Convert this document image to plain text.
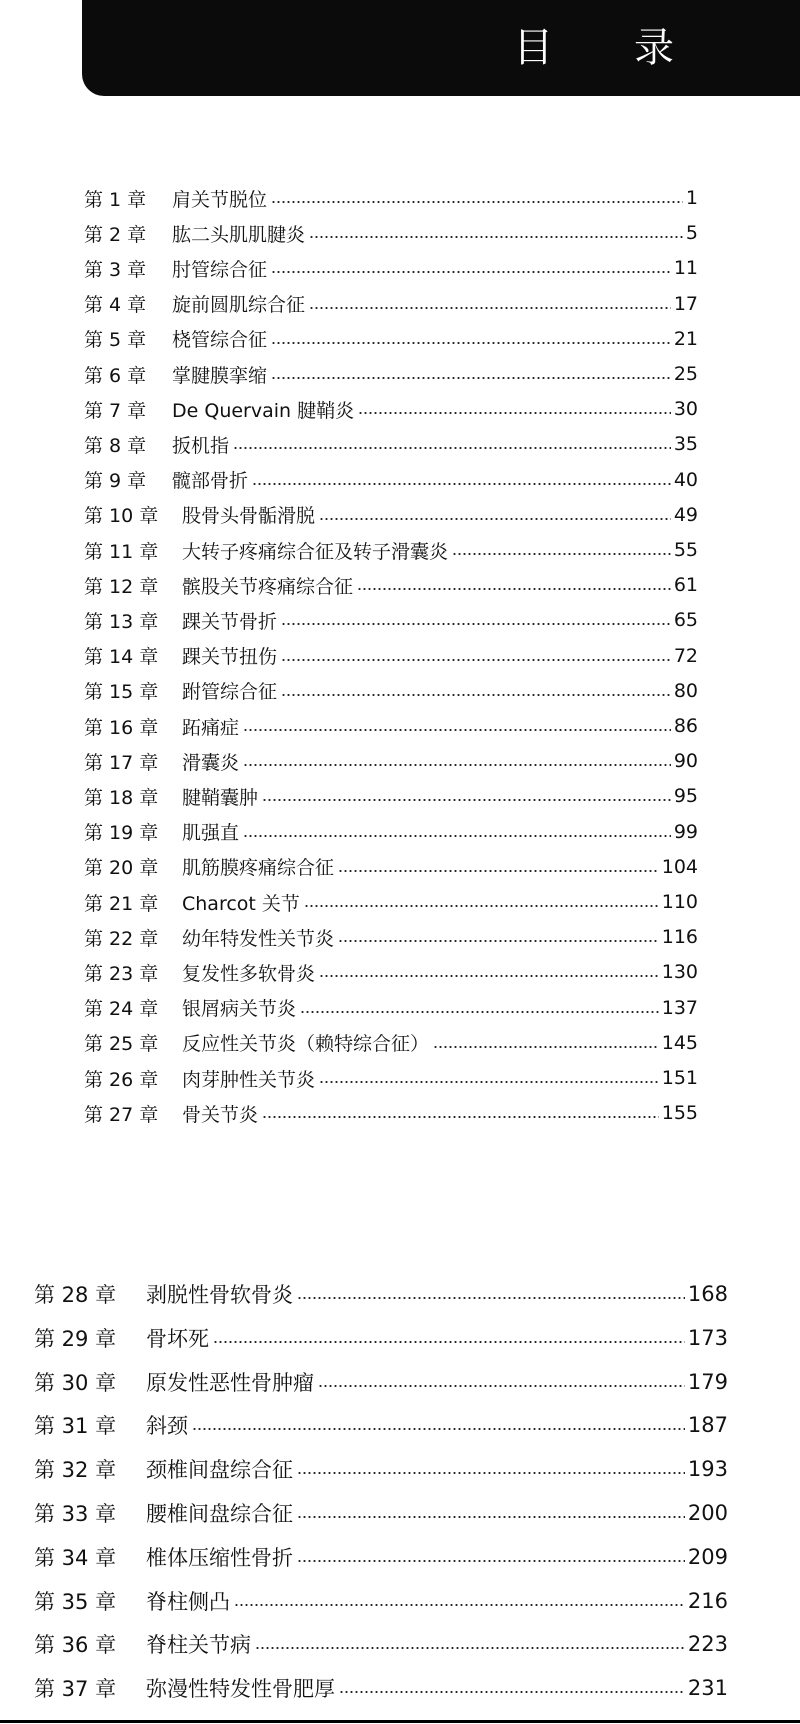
目 录
第 1 章	肩关节脱位	1
第 2 章	肱二头肌肌腱炎	5
第 3 章	肘管综合征	11
第 4 章	旋前圆肌综合征	17
第 5 章	桡管综合征	21
第 6 章	掌腱膜挛缩	25
第 7 章	De Quervain 腱鞘炎	30
第 8 章	扳机指	35
第 9 章	髋部骨折	40
第 10 章	股骨头骨骺滑脱	49
第 11 章	大转子疼痛综合征及转子滑囊炎	55
第 12 章	髌股关节疼痛综合征	61
第 13 章	踝关节骨折	65
第 14 章	踝关节扭伤	72
第 15 章	跗管综合征	80
第 16 章	跖痛症	86
第 17 章	滑囊炎	90
第 18 章	腱鞘囊肿	95
第 19 章	肌强直	99
第 20 章	肌筋膜疼痛综合征	104
第 21 章	Charcot 关节	110
第 22 章	幼年特发性关节炎	116
第 23 章	复发性多软骨炎	130
第 24 章	银屑病关节炎	137
第 25 章	反应性关节炎（赖特综合征）	145
第 26 章	肉芽肿性关节炎	151
第 27 章	骨关节炎	155
第 28 章	剥脱性骨软骨炎	168
第 29 章	骨坏死	173
第 30 章	原发性恶性骨肿瘤	179
第 31 章	斜颈	187
第 32 章	颈椎间盘综合征	193
第 33 章	腰椎间盘综合征	200
第 34 章	椎体压缩性骨折	209
第 35 章	脊柱侧凸	216
第 36 章	脊柱关节病	223
第 37 章	弥漫性特发性骨肥厚	231
